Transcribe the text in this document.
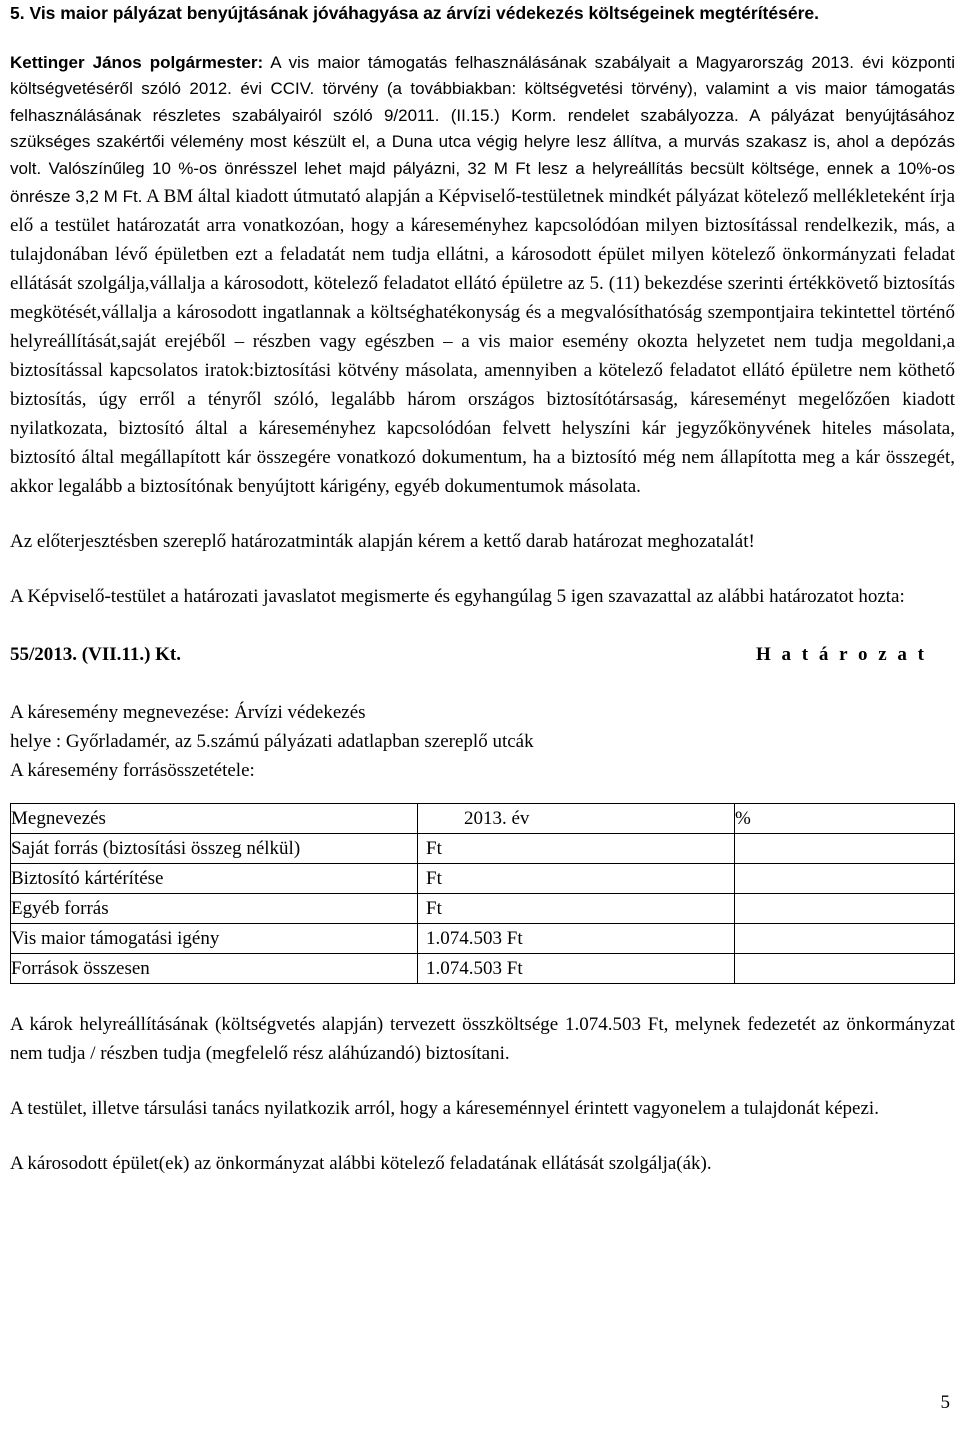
5. Vis maior pályázat benyújtásának jóváhagyása az árvízi védekezés költségeinek megtérítésére.

Kettinger János polgármester: A vis maior támogatás felhasználásának szabályait a Magyarország 2013. évi központi költségvetéséről szóló 2012. évi CCIV. törvény (a továbbiakban: költségvetési törvény), valamint a vis maior támogatás felhasználásának részletes szabályairól szóló 9/2011. (II.15.) Korm. rendelet szabályozza. A pályázat benyújtásához szükséges szakértői vélemény most készült el, a Duna utca végig helyre lesz állítva, a murvás szakasz is, ahol a depózás volt. Valószínűleg 10 %-os önrésszel lehet majd pályázni, 32 M Ft lesz a helyreállítás becsült költsége, ennek a 10%-os önrésze 3,2 M Ft. A BM által kiadott útmutató alapján a Képviselő-testületnek mindkét pályázat kötelező mellékleteként írja elő a testület határozatát arra vonatkozóan, hogy a káreseményhez kapcsolódóan milyen biztosítással rendelkezik, más, a tulajdonában lévő épületben ezt a feladatát nem tudja ellátni, a károsodott épület milyen kötelező önkormányzati feladat ellátását szolgálja,vállalja a károsodott, kötelező feladatot ellátó épületre az 5. (11) bekezdése szerinti értékkövető biztosítás megkötését,vállalja a károsodott ingatlannak a költséghatékonyság és a megvalósíthatóság szempontjaira tekintettel történő helyreállítását,saját erejéből – részben vagy egészben – a vis maior esemény okozta helyzetet nem tudja megoldani,a biztosítással kapcsolatos iratok:biztosítási kötvény másolata, amennyiben a kötelező feladatot ellátó épületre nem köthető biztosítás, úgy erről a tényről szóló, legalább három országos biztosítótársaság, káreseményt megelőzően kiadott nyilatkozata, biztosító által a káreseményhez kapcsolódóan felvett helyszíni kár jegyzőkönyvének hiteles másolata, biztosító által megállapított kár összegére vonatkozó dokumentum, ha a biztosító még nem állapította meg a kár összegét, akkor legalább a biztosítónak benyújtott kárigény, egyéb dokumentumok másolata.

Az előterjesztésben szereplő határozatminták alapján kérem a kettő darab határozat meghozatalát!

A Képviselő-testület a határozati javaslatot megismerte és egyhangúlag 5 igen szavazattal az alábbi határozatot hozta:

55/2013. (VII.11.) Kt.	H a t á r o z a t

A káresemény megnevezése: Árvízi védekezés

helye : Győrladamér, az 5.számú pályázati adatlapban szereplő utcák

A káresemény forrásösszetétele:

Megnevezés	2013. év	%
Saját forrás (biztosítási összeg nélkül)	Ft	
Biztosító kártérítése	Ft	
Egyéb forrás	Ft	
Vis maior támogatási igény	1.074.503 Ft	
Források összesen	1.074.503 Ft	

A károk helyreállításának (költségvetés alapján) tervezett összköltsége 1.074.503 Ft, melynek fedezetét az önkormányzat nem tudja / részben tudja (megfelelő rész aláhúzandó) biztosítani.

A testület, illetve társulási tanács nyilatkozik arról, hogy a káreseménnyel érintett vagyonelem a tulajdonát képezi.

A károsodott épület(ek) az önkormányzat alábbi kötelező feladatának ellátását szolgálja(ák).

5
